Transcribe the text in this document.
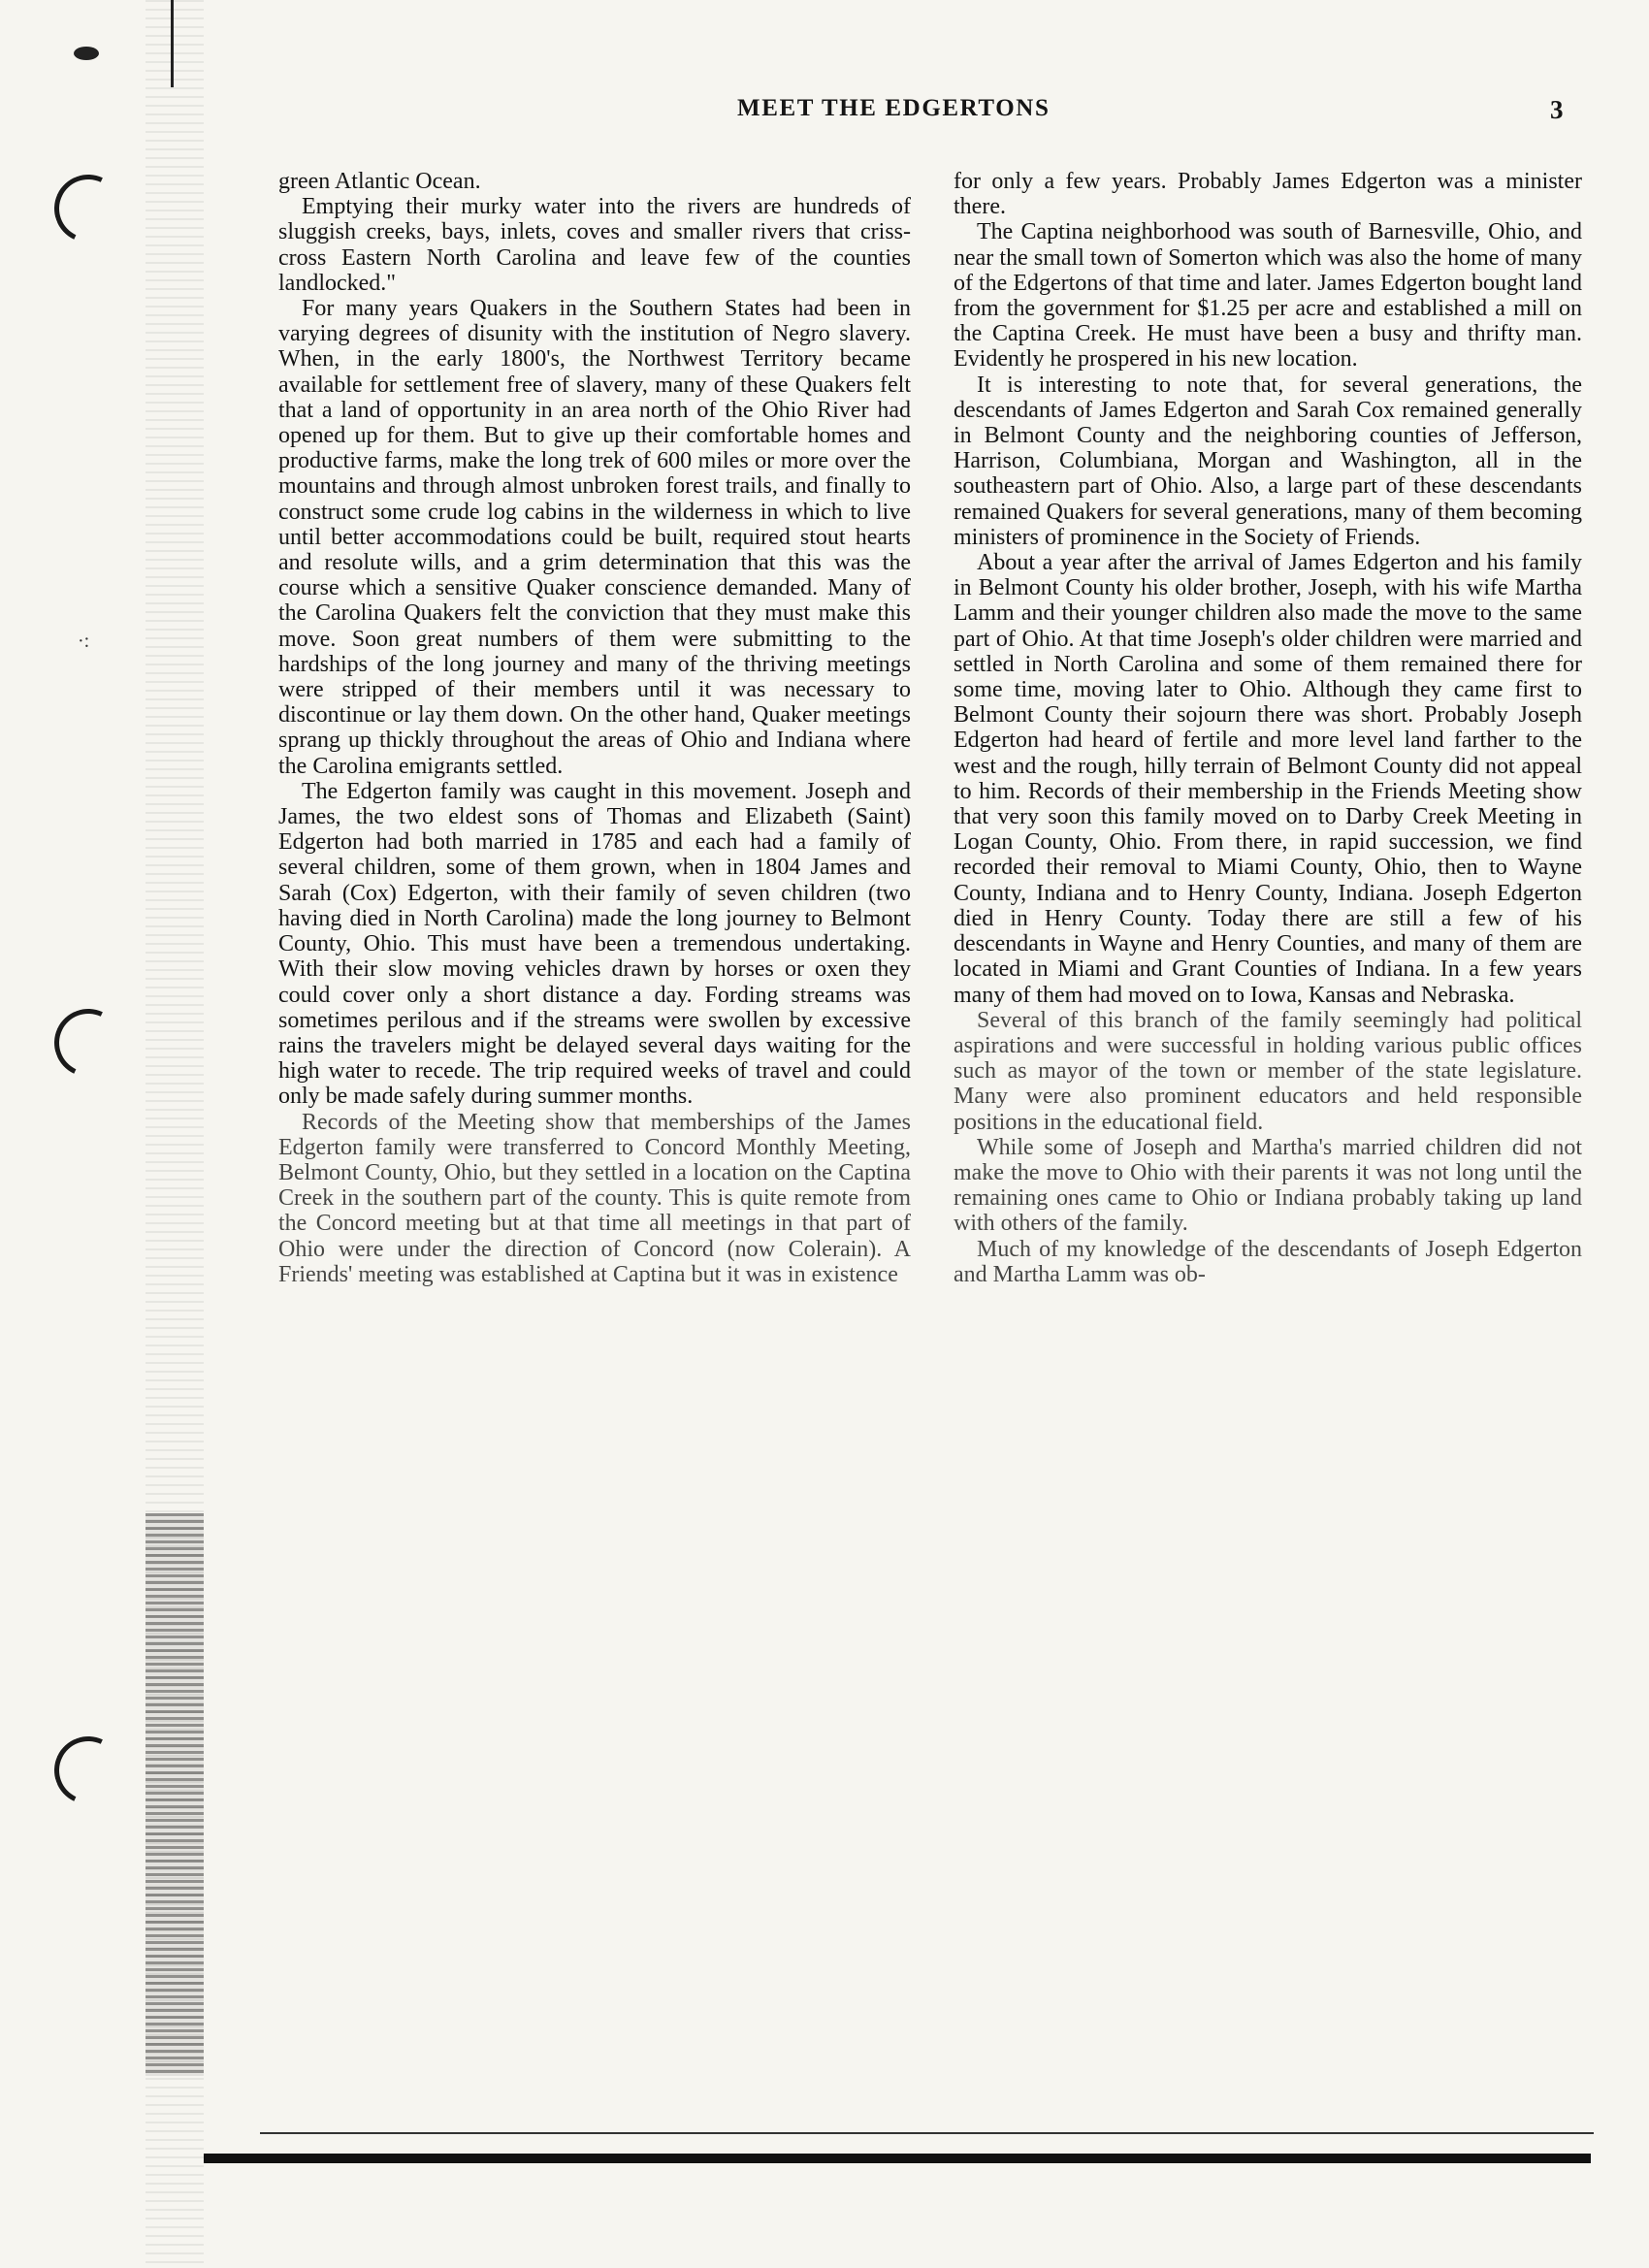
·:
MEET THE EDGERTONS	3

green Atlantic Ocean.

Emptying their murky water into the rivers are hundreds of sluggish creeks, bays, inlets, coves and smaller rivers that criss-cross Eastern North Carolina and leave few of the counties landlocked."

For many years Quakers in the Southern States had been in varying degrees of disunity with the institution of Negro slavery. When, in the early 1800's, the Northwest Territory became available for settlement free of slavery, many of these Quakers felt that a land of opportunity in an area north of the Ohio River had opened up for them. But to give up their comfortable homes and productive farms, make the long trek of 600 miles or more over the mountains and through almost unbroken forest trails, and finally to construct some crude log cabins in the wilderness in which to live until better accommodations could be built, required stout hearts and resolute wills, and a grim determination that this was the course which a sensitive Quaker conscience demanded. Many of the Carolina Quakers felt the conviction that they must make this move. Soon great numbers of them were submitting to the hardships of the long journey and many of the thriving meetings were stripped of their members until it was necessary to discontinue or lay them down. On the other hand, Quaker meetings sprang up thickly throughout the areas of Ohio and Indiana where the Carolina emigrants settled.

The Edgerton family was caught in this movement. Joseph and James, the two eldest sons of Thomas and Elizabeth (Saint) Edgerton had both married in 1785 and each had a family of several children, some of them grown, when in 1804 James and Sarah (Cox) Edgerton, with their family of seven children (two having died in North Carolina) made the long journey to Belmont County, Ohio. This must have been a tremendous undertaking. With their slow moving vehicles drawn by horses or oxen they could cover only a short distance a day. Fording streams was sometimes perilous and if the streams were swollen by excessive rains the travelers might be delayed several days waiting for the high water to recede. The trip required weeks of travel and could only be made safely during summer months.

Records of the Meeting show that memberships of the James Edgerton family were transferred to Concord Monthly Meeting, Belmont County, Ohio, but they settled in a location on the Captina Creek in the southern part of the county. This is quite remote from the Concord meeting but at that time all meetings in that part of Ohio were under the direction of Concord (now Colerain). A Friends' meeting was established at Captina but it was in existence

for only a few years. Probably James Edgerton was a minister there.

The Captina neighborhood was south of Barnesville, Ohio, and near the small town of Somerton which was also the home of many of the Edgertons of that time and later. James Edgerton bought land from the government for $1.25 per acre and established a mill on the Captina Creek. He must have been a busy and thrifty man. Evidently he prospered in his new location.

It is interesting to note that, for several generations, the descendants of James Edgerton and Sarah Cox remained generally in Belmont County and the neighboring counties of Jefferson, Harrison, Columbiana, Morgan and Washington, all in the southeastern part of Ohio. Also, a large part of these descendants remained Quakers for several generations, many of them becoming ministers of prominence in the Society of Friends.

About a year after the arrival of James Edgerton and his family in Belmont County his older brother, Joseph, with his wife Martha Lamm and their younger children also made the move to the same part of Ohio. At that time Joseph's older children were married and settled in North Carolina and some of them remained there for some time, moving later to Ohio. Although they came first to Belmont County their sojourn there was short. Probably Joseph Edgerton had heard of fertile and more level land farther to the west and the rough, hilly terrain of Belmont County did not appeal to him. Records of their membership in the Friends Meeting show that very soon this family moved on to Darby Creek Meeting in Logan County, Ohio. From there, in rapid succession, we find recorded their removal to Miami County, Ohio, then to Wayne County, Indiana and to Henry County, Indiana. Joseph Edgerton died in Henry County. Today there are still a few of his descendants in Wayne and Henry Counties, and many of them are located in Miami and Grant Counties of Indiana. In a few years many of them had moved on to Iowa, Kansas and Nebraska.

Several of this branch of the family seemingly had political aspirations and were successful in holding various public offices such as mayor of the town or member of the state legislature. Many were also prominent educators and held responsible positions in the educational field.

While some of Joseph and Martha's married children did not make the move to Ohio with their parents it was not long until the remaining ones came to Ohio or Indiana probably taking up land with others of the family.

Much of my knowledge of the descendants of Joseph Edgerton and Martha Lamm was ob-
